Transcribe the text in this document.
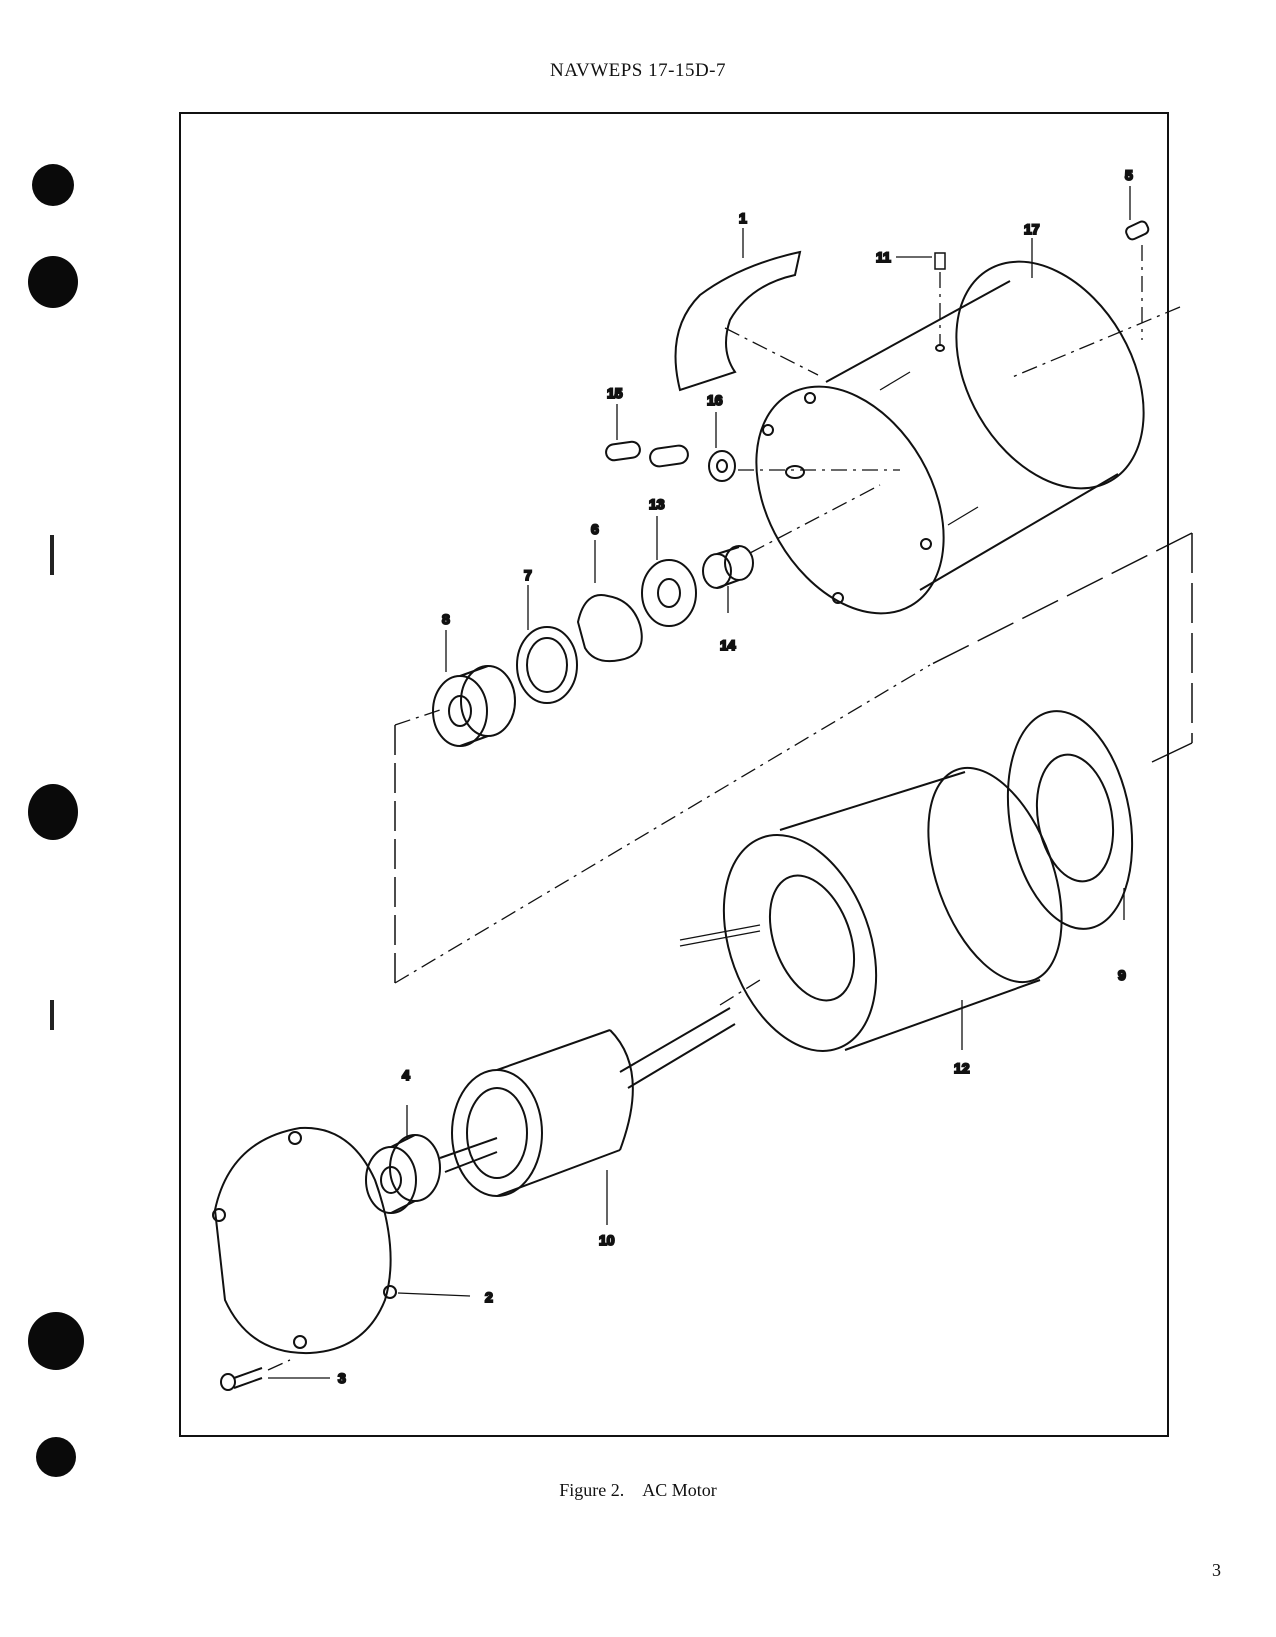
NAVWEPS 17-15D-7
1
2
3
4
5
6
7
8
9
10
11
12
13
14
15	16
17
Figure 2. AC Motor
3
